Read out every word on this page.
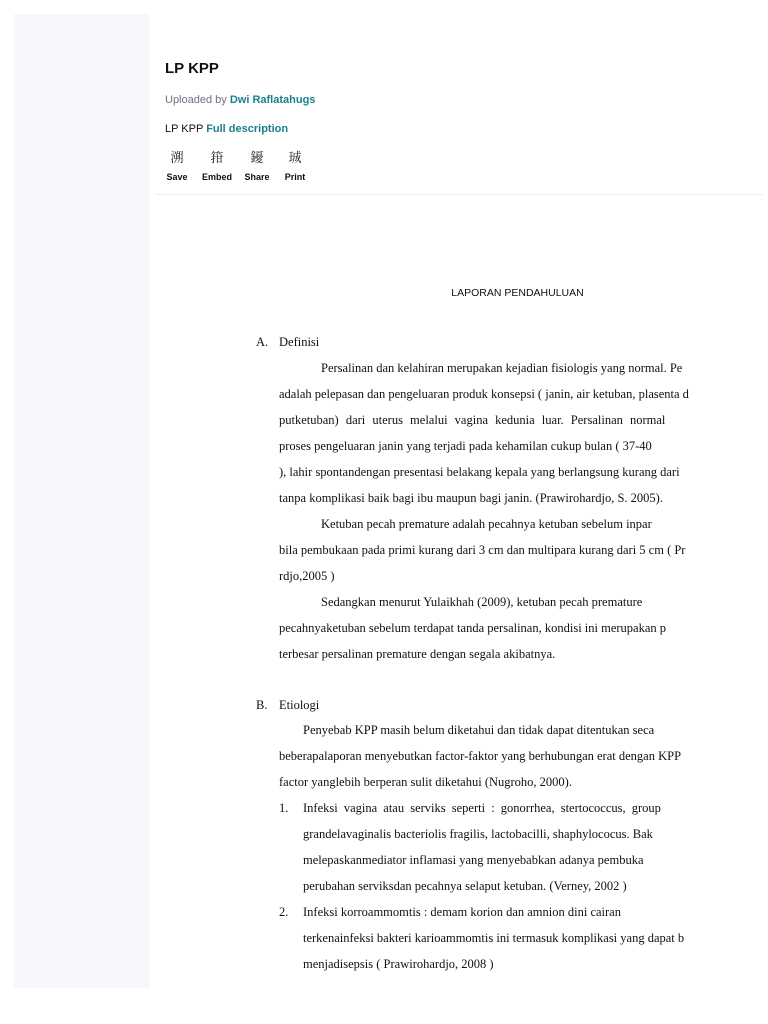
LP KPP
Uploaded by Dwi Raflatahugs
LP KPP Full description
溯
Save
箝
Embed
䥳
Share
珹
Print
LAPORAN PENDAHULUAN
A. Definisi
Persalinan dan kelahiran merupakan kejadian fisiologis yang normal. Pe
adalah pelepasan dan pengeluaran produk konsepsi ( janin, air ketuban, plasenta d
putketuban) dari uterus melalui vagina kedunia luar. Persalinan normal
proses pengeluaran janin yang terjadi pada kehamilan cukup bulan ( 37-40
), lahir spontandengan presentasi belakang kepala yang berlangsung kurang dari
tanpa komplikasi baik bagi ibu maupun bagi janin. (Prawirohardjo, S. 2005).
Ketuban pecah premature adalah pecahnya ketuban sebelum inpar
bila pembukaan pada primi kurang dari 3 cm dan multipara kurang dari 5 cm ( Pr
rdjo,2005 )
Sedangkan menurut Yulaikhah (2009), ketuban pecah premature
pecahnyaketuban sebelum terdapat tanda persalinan, kondisi ini merupakan p
terbesar persalinan premature dengan segala akibatnya.
B. Etiologi
Penyebab KPP masih belum diketahui dan tidak dapat ditentukan seca
beberapalaporan menyebutkan factor-faktor yang berhubungan erat dengan KPP
factor yanglebih berperan sulit diketahui (Nugroho, 2000).
1.	Infeksi vagina atau serviks seperti : gonorrhea, stertococcus, group
grandelavaginalis bacteriolis fragilis, lactobacilli, shaphylococus. Bak
melepaskanmediator inflamasi yang menyebabkan adanya pembuka
perubahan serviksdan pecahnya selaput ketuban. (Verney, 2002 )
2.	Infeksi korroammomtis : demam korion dan amnion dini cairan
terkenainfeksi bakteri karioammomtis ini termasuk komplikasi yang dapat b
menjadisepsis ( Prawirohardjo, 2008 )
